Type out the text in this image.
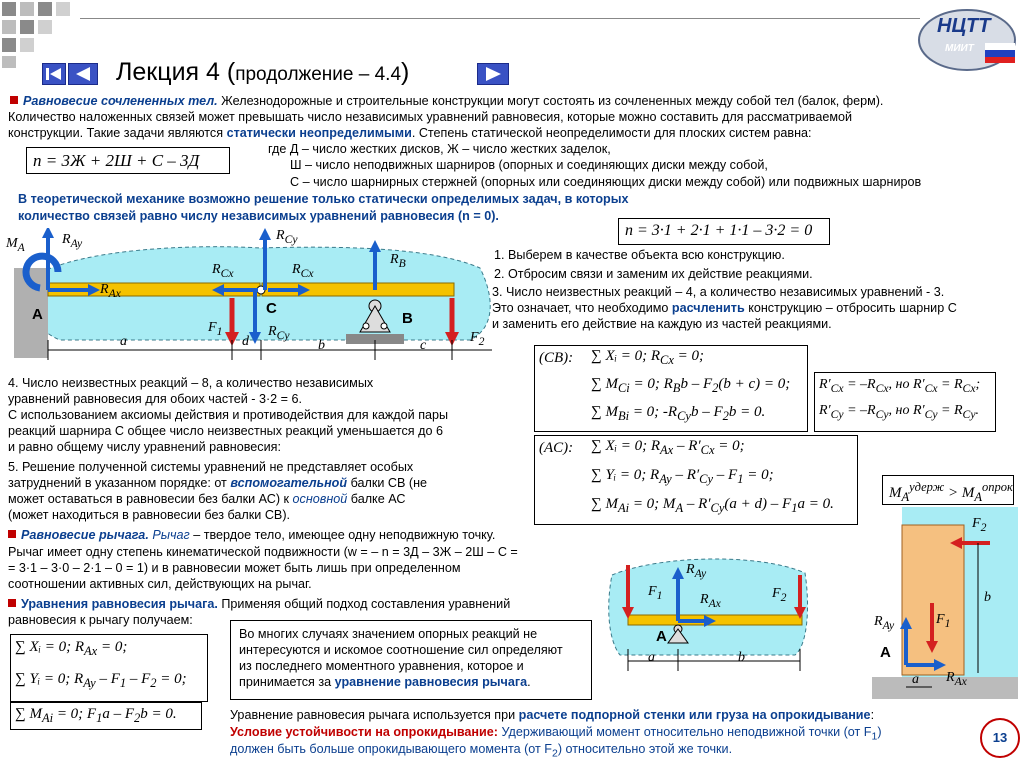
НЦТТ
МИИТ
Лекция 4 (продолжение – 4.4)
Равновесие сочлененных тел. Железнодорожные и строительные конструкции могут состоять из сочлененных между собой тел (балок, ферм).
Количество наложенных связей может превышать число независимых уравнений равновесия, которые можно составить для рассматриваемой
конструкции. Такие задачи являются статически неопределимыми. Степень статической неопределимости для плоских систем равна:
где Д – число жестких дисков, Ж – число жестких заделок,
Ш – число неподвижных шарниров (опорных и соединяющих диски между собой,
С – число шарнирных стержней (опорных или соединяющих диски между собой) или подвижных шарниров
n = 3Ж + 2Ш + С – 3Д
В теоретической механике возможно решение только статически определимых задач, в которых
количество связей равно числу независимых уравнений равновесия (n = 0).
n = 3·1 + 2·1 + 1·1 – 3·2 = 0
$M_A$
$R_{Ay}$
$R_{Ax}$
A
$R_{Cy}$
$R_{Cx}$	$R_{Cx}$
C
$R_{Cy}$
$R_B$
B
$F_1$	$F_2$
a	d	b	c
1. Выберем в качестве объекта всю конструкцию.
2. Отбросим связи и заменим их действие реакциями.
3. Число неизвестных реакций – 4, а количество независимых уравнений - 3.
Это означает, что необходимо расчленить конструкцию – отбросить шарнир С
и заменить его действие на каждую из частей реакциями.
4. Число неизвестных реакций – 8, а количество независимых
уравнений равновесия для обоих частей - 3·2 = 6.
С использованием аксиомы действия и противодействия для каждой пары
реакций шарнира С общее число неизвестных реакций уменьшается до 6
и равно общему числу уравнений равновесия:
5. Решение полученной системы уравнений не представляет особых
затруднений в указанном порядке: от вспомогательной балки СВ (не
может оставаться в равновесии без балки АС) к основной балке АС
(может находиться в равновесии без балки СВ).
(CB): ∑ Xᵢ = 0; $R_{Cx} = 0$;
∑ $M_{Ci} = 0$; $R_Bb - F_2(b + c) = 0$;
∑ $M_{Bi} = 0$; $-R_{Cy}b - F_2b = 0$.
$R'_{Cx} = -R_{Cx}$, но $R'_{Cx} = R_{Cx}$;
$R'_{Cy} = -R_{Cy}$, но $R'_{Cy} = R_{Cy}$.
(AC): ∑ Xᵢ = 0; $R_{Ax} - R'_{Cx} = 0$;
∑ Yᵢ = 0; $R_{Ay} - R'_{Cy} - F_1 = 0$;
∑ $M_{Ai} = 0$; $M_A - R'_{Cy}(a + d) - F_1a = 0$.
$M_A^{удерж} > M_A^{опрок}$
Равновесие рычага. Рычаг – твердое тело, имеющее одну неподвижную точку.
Рычаг имеет одну степень кинематической подвижности (w = – n = 3Д – 3Ж – 2Ш – С =
= 3·1 – 3·0 – 2·1 – 0 = 1) и в равновесии может быть лишь при определенном
соотношении активных сил, действующих на рычаг.
Уравнения равновесия рычага. Применяя общий подход составления уравнений
равновесия к рычагу получаем:
∑ Xᵢ = 0; $R_{Ax} = 0$;
∑ Yᵢ = 0; $R_{Ay} - F_1 - F_2 = 0$;
∑ $M_{Ai} = 0$; $F_1a - F_2b = 0$.
Во многих случаях значением опорных реакций не
интересуются и искомое соотношение сил определяют
из последнего моментного уравнения, которое и
принимается за уравнение равновесия рычага.
$F_1$
$R_{Ay}$
$R_{Ax}$
$F_2$
A
a	b
$F_2$
$F_1$
$R_{Ay}$
A
$R_{Ax}$
b
a
Уравнение равновесия рычага используется при расчете подпорной стенки или груза на опрокидывание:
Условие устойчивости на опрокидывание: Удерживающий момент относительно неподвижной точки (от $F_1$)
должен быть больше опрокидывающего момента (от $F_2$) относительно этой же точки.
13
